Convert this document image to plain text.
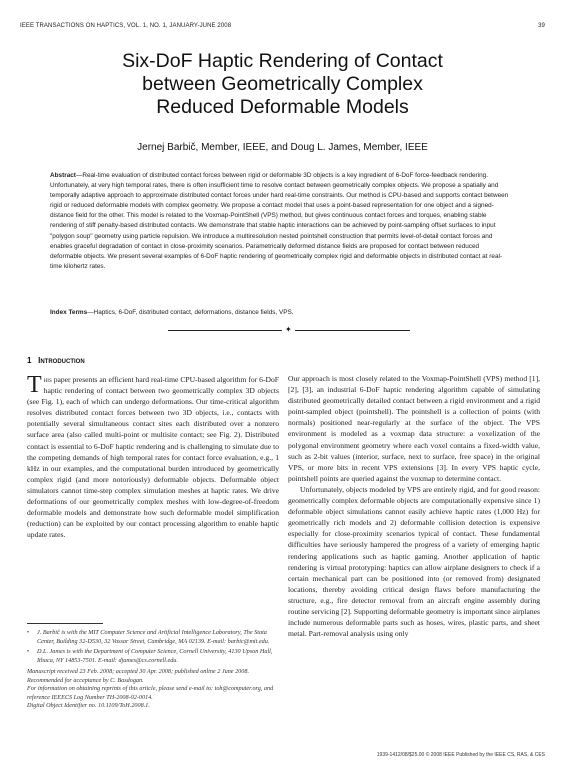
IEEE TRANSACTIONS ON HAPTICS, VOL. 1, NO. 1, JANUARY-JUNE 2008	39
Six-DoF Haptic Rendering of Contact
between Geometrically Complex
Reduced Deformable Models
Jernej Barbič, Member, IEEE, and Doug L. James, Member, IEEE
Abstract—Real-time evaluation of distributed contact forces between rigid or deformable 3D objects is a key ingredient of 6-DoF force-feedback rendering. Unfortunately, at very high temporal rates, there is often insufficient time to resolve contact between geometrically complex objects. We propose a spatially and temporally adaptive approach to approximate distributed contact forces under hard real-time constraints. Our method is CPU-based and supports contact between rigid or reduced deformable models with complex geometry. We propose a contact model that uses a point-based representation for one object and a signed-distance field for the other. This model is related to the Voxmap-PointShell (VPS) method, but gives continuous contact forces and torques, enabling stable rendering of stiff penalty-based distributed contacts. We demonstrate that stable haptic interactions can be achieved by point-sampling offset surfaces to input "polygon soup" geometry using particle repulsion. We introduce a multiresolution nested pointshell construction that permits level-of-detail contact forces and enables graceful degradation of contact in close-proximity scenarios. Parametrically deformed distance fields are proposed for contact between reduced deformable objects. We present several examples of 6-DoF haptic rendering of geometrically complex rigid and deformable objects in distributed contact at real-time kilohertz rates.
Index Terms—Haptics, 6-DoF, distributed contact, deformations, distance fields, VPS.
✦
1 Introduction

This paper presents an efficient hard real-time CPU-based algorithm for 6-DoF haptic rendering of contact between two geometrically complex 3D objects (see Fig. 1), each of which can undergo deformations. Our time-critical algorithm resolves distributed contact forces between two 3D objects, i.e., contacts with potentially several simultaneous contact sites each distributed over a nonzero surface area (also called multi-point or multisite contact; see Fig. 2). Distributed contact is essential to 6-DoF haptic rendering and is challenging to simulate due to the competing demands of high temporal rates for contact force evaluation, e.g., 1 kHz in our examples, and the computational burden introduced by geometrically complex rigid (and more notoriously) deformable objects. Deformable object simulators cannot time-step complex simulation meshes at haptic rates. We drive deformations of our geometrically complex meshes with low-degree-of-freedom deformable models and demonstrate how such deformable model simplification (reduction) can be exploited by our contact processing algorithm to enable haptic update rates.

•	J. Barbič is with the MIT Computer Science and Artificial Intelligence Laboratory, The Stata Center, Building 32-D530, 32 Vassar Street, Cambridge, MA 02139. E-mail: barbic@mit.edu.
•	D.L. James is with the Department of Computer Science, Cornell University, 4130 Upson Hall, Ithaca, NY 14853-7501. E-mail: djames@cs.cornell.edu.
Manuscript received 23 Feb. 2008; accepted 30 Apr. 2008; published online 2 June 2008.
Recommended for acceptance by C. Basdogan.
For information on obtaining reprints of this article, please send e-mail to: toh@computer.org, and reference IEEECS Log Number TH-2008-02-0014.
Digital Object Identifier no. 10.1109/ToH.2008.1.

Our approach is most closely related to the Voxmap-PointShell (VPS) method [1], [2], [3], an industrial 6-DoF haptic rendering algorithm capable of simulating distributed geometrically detailed contact between a rigid environment and a rigid point-sampled object (pointshell). The pointshell is a collection of points (with normals) positioned near-regularly at the surface of the object. The VPS environment is modeled as a voxmap data structure: a voxelization of the polygonal environment geometry where each voxel contains a fixed-width value, such as 2-bit values (interior, surface, next to surface, free space) in the original VPS, or more bits in recent VPS extensions [3]. In every VPS haptic cycle, pointshell points are queried against the voxmap to determine contact.

Unfortunately, objects modeled by VPS are entirely rigid, and for good reason: geometrically complex deformable objects are computationally expensive since 1) deformable object simulations cannot easily achieve haptic rates (1,000 Hz) for geometrically rich models and 2) deformable collision detection is expensive especially for close-proximity scenarios typical of contact. These fundamental difficulties have seriously hampered the progress of a variety of emerging haptic rendering applications such as haptic gaming. Another application of haptic rendering is virtual prototyping: haptics can allow airplane designers to check if a certain mechanical part can be positioned into (or removed from) designated locations, thereby avoiding critical design flaws before manufacturing the structure, e.g., fire detector removal from an aircraft engine assembly during routine servicing [2]. Supporting deformable geometry is important since airplanes include numerous deformable parts such as hoses, wires, plastic parts, and sheet metal. Part-removal analysis using only

1939-1412/08/$25.00 © 2008 IEEE Published by the IEEE CS, RAS, & CES
